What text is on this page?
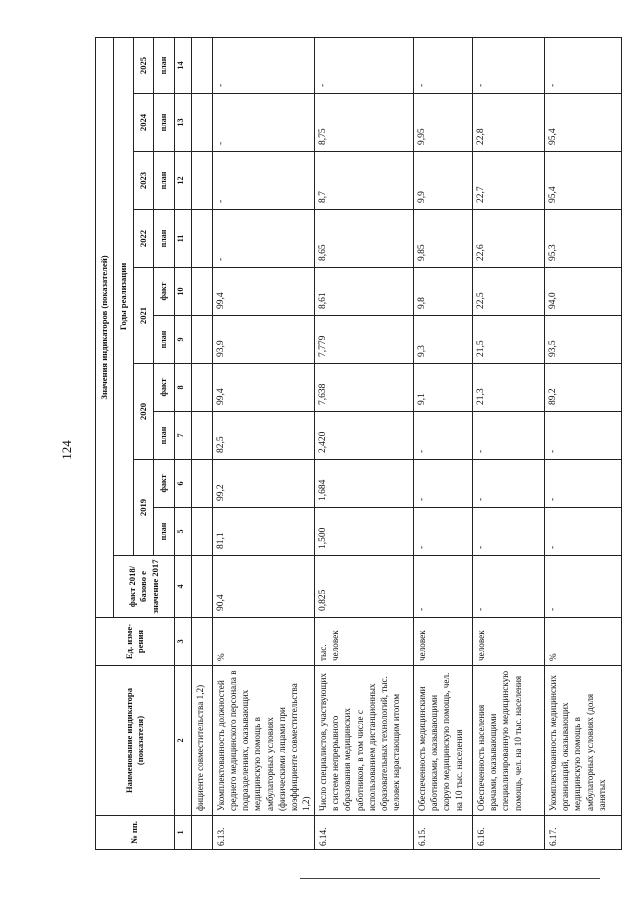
124
№ пп.	Наименование индикатора (показателя)	Ед. изме-рения	Значения индикаторов (показателей)										
			факт 2018/базово е значение 2017	Годы реализации									
				2019		2020		2021		2022	2023	2024	2025
				план	факт	план	факт	план	факт	план	план	план	план
1	2	3	4	5	6	7	8	9	10	11	12	13	14
	фициенте совместительства 1,2)												
6.13.	Укомплектованность должностей среднего медицинского персонала в подразделениях, оказывающих медицинскую помощь в амбулаторных условиях (физическими лицами при коэффициенте совместительства 1,2)	%	90,4	81,1	99,2	82,5	99,4	93,9	99,4	-	-	-	-
6.14.	Число специалистов, участвующих в системе непрерывного образования медицинских работников, в том числе с использованием дистанционных образовательных технологий, тыс. человек нарастающим итогом	тыс. человек	0,825	1,500	1,684	2,420	7,638	7,779	8,61	8,65	8,7	8,75	-
6.15.	Обеспеченность медицинскими работниками, оказывающими скорую медицинскую помощь, чел. на 10 тыс. населения	человек	-	-	-	-	9,1	9,3	9,8	9,85	9,9	9,95	-
6.16.	Обеспеченность населения врачами, оказывающими специализированную медицинскую помощь, чел. на 10 тыс. населения	человек	-	-	-	-	21,3	21,5	22,5	22,6	22,7	22,8	-
6.17.	Укомплектованность медицинских организаций, оказывающих медицинскую помощь в амбулаторных условиях (доля занятых	%	-	-	-	-	89,2	93,5	94,0	95,3	95,4	95,4	-
